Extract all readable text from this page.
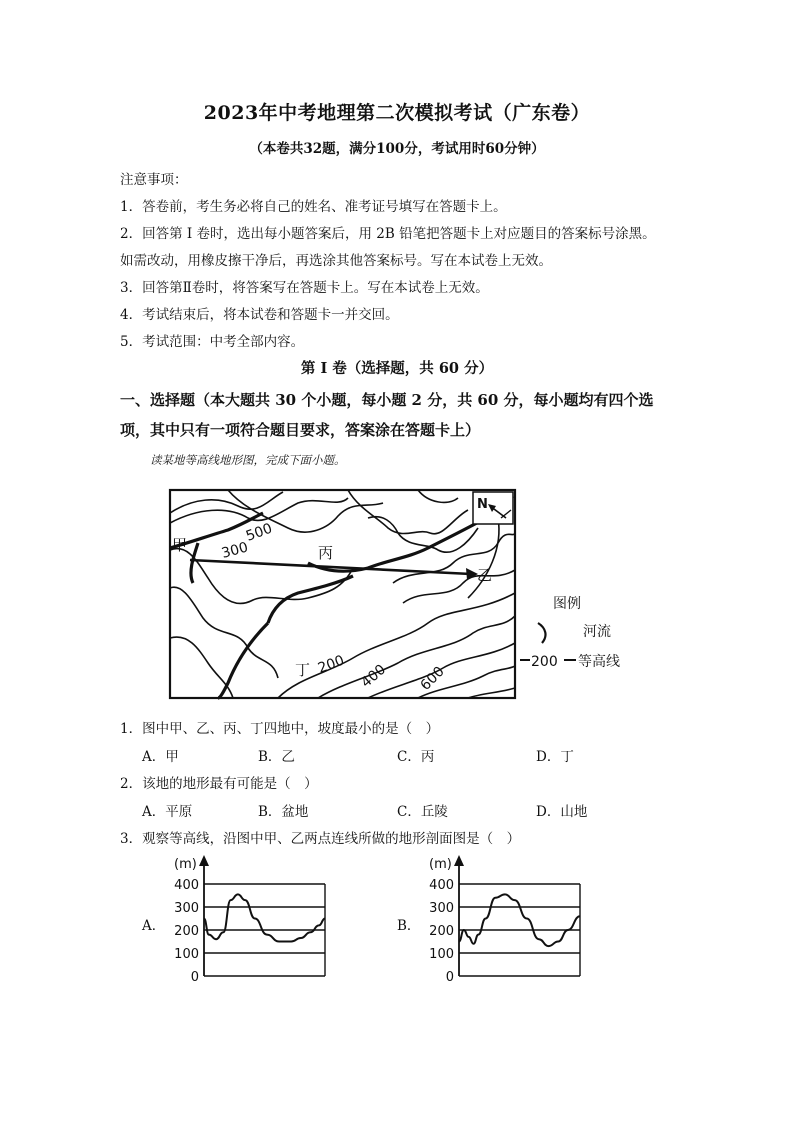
2023年中考地理第二次模拟考试（广东卷）
（本卷共32题，满分100分，考试用时60分钟）
注意事项：
1．答卷前，考生务必将自己的姓名、准考证号填写在答题卡上。
2．回答第 I 卷时，选出每小题答案后，用 2B 铅笔把答题卡上对应题目的答案标号涂黑。
如需改动，用橡皮擦干净后，再选涂其他答案标号。写在本试卷上无效。
3．回答第Ⅱ卷时，将答案写在答题卡上。写在本试卷上无效。
4．考试结束后，将本试卷和答题卡一并交回。
5．考试范围：中考全部内容。
第 I 卷（选择题，共 60 分）
一、选择题（本大题共 30 个小题，每小题 2 分，共 60 分，每小题均有四个选
项，其中只有一项符合题目要求，答案涂在答题卡上）
读某地等高线地形图，完成下面小题。
甲
乙
丙
丁
500
300
200 400 600
N
图例
河流
200 等高线
1．图中甲、乙、丙、丁四地中，坡度最小的是（　）
A．甲	B．乙	C．丙	D．丁
2．该地的地形最有可能是（　）
A．平原	B．盆地	C．丘陵	D．山地
3．观察等高线，沿图中甲、乙两点连线所做的地形剖面图是（　）
A．	B．
(m)
0
100
200
300
400
(m)
0
100
200
300
400
